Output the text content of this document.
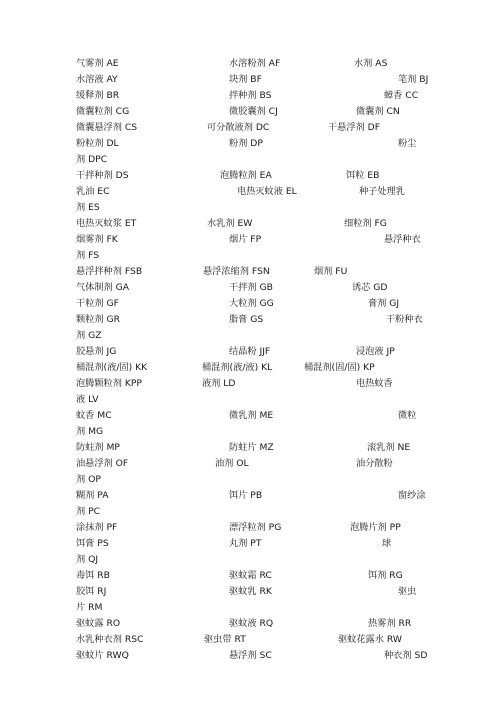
气雾剂 AE	水溶粉剂 AF	水剂 AS
水溶液 AY	块剂 BF	笔剂 BJ
缓释剂 BR	拌种剂 BS	蟑香 CC
微囊粒剂 CG	微胶囊剂 CJ	微囊剂 CN
微囊悬浮剂 CS	可分散液剂 DC	干悬浮剂 DF
粉粒剂 DL	粉剂 DP	粉尘
剂 DPC
干拌种剂 DS	泡腾粒剂 EA	饵粒 EB
乳油 EC	电热灭蚊液 EL	种子处理乳
剂 ES
电热灭蚊浆 ET	水乳剂 EW	细粒剂 FG
烟雾剂 FK	烟片 FP	悬浮种衣
剂 FS
悬浮拌种剂 FSB	悬浮浓缩剂 FSN	烟剂 FU
气体制剂 GA	干拌剂 GB	诱芯 GD
干粒剂 GF	大粒剂 GG	膏剂 GJ
颗粒剂 GR	脂膏 GS	干粉种衣
剂 GZ
胶悬剂 JG	结晶粉 JJF	浸泡液 JP
桶混剂(液/固) KK	桶混剂(液/液) KL	桶混剂(固/固) KP
泡腾颗粒剂 KPP	液剂 LD	电热蚊香
液 LV
蚊香 MC	微乳剂 ME	微粒
剂 MG
防蛀剂 MP	防蛀片 MZ	滚乳剂 NE
油悬浮剂 OF	油剂 OL	油分散粉
剂 OP
糊剂 PA	饵片 PB	窗纱涂
剂 PC
涂抹剂 PF	漂浮粒剂 PG	泡腾片剂 PP
饵膏 PS	丸剂 PT	球
剂 QJ
毒饵 RB	驱蚊霜 RC	饵剂 RG
胶饵 RJ	驱蚊乳 RK	驱虫
片 RM
驱蚊露 RO	驱蚊液 RQ	热雾剂 RR
水乳种衣剂 RSC	驱虫带 RT	驱蚊花露水 RW
驱蚊片 RWQ	悬浮剂 SC	种衣剂 SD
